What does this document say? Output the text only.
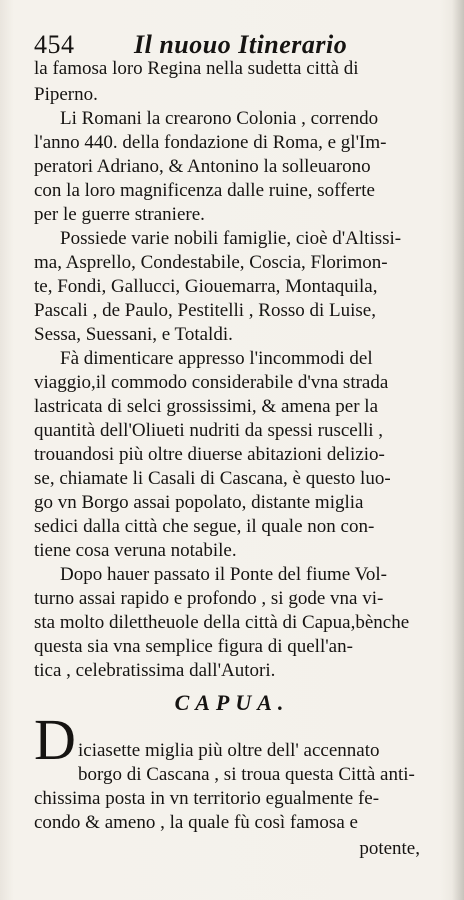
454 Il nuouo Itinerario
la famosa loro Regina nella sudetta città di
Piperno.
Li Romani la crearono Colonia , correndo
l'anno 440. della fondazione di Roma, e gl'Im-
peratori Adriano, & Antonino la solleuarono
con la loro magnificenza dalle ruine, sofferte
per le guerre straniere.
Possiede varie nobili famiglie, cioè d'Altissi-
ma, Asprello, Condestabile, Coscia, Florimon-
te, Fondi, Gallucci, Giouemarra, Montaquila,
Pascali , de Paulo, Pestitelli , Rosso di Luise,
Sessa, Suessani, e Totaldi.
Fà dimenticare appresso l'incommodi del
viaggio,il commodo considerabile d'vna strada
lastricata di selci grossissimi, & amena per la
quantità dell'Oliueti nudriti da spessi ruscelli ,
trouandosi più oltre diuerse abitazioni delizio-
se, chiamate li Casali di Cascana, è questo luo-
go vn Borgo assai popolato, distante miglia
sedici dalla città che segue, il quale non con-
tiene cosa veruna notabile.
Dopo hauer passato il Ponte del fiume Vol-
turno assai rapido e profondo , si gode vna vi-
sta molto dilettheuole della città di Capua,bènche
questa sia vna semplice figura di quell'an-
tica , celebratissima dall'Autori.
CAPUA.
D iciasette miglia più oltre dell' accennato
borgo di Cascana , si troua questa Città anti-
chissima posta in vn territorio egualmente fe-
condo & ameno , la quale fù così famosa e
potente,
